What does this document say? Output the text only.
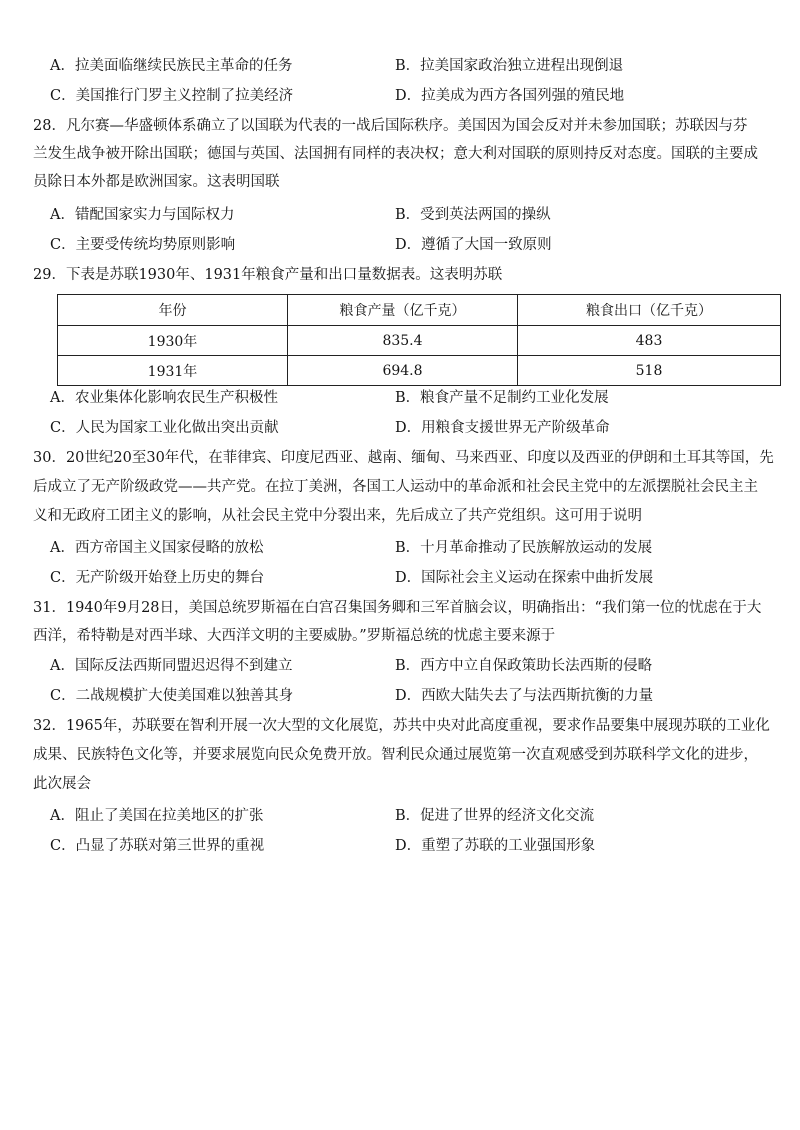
A．拉美面临继续民族民主革命的任务	B．拉美国家政治独立进程出现倒退
C．美国推行门罗主义控制了拉美经济	D．拉美成为西方各国列强的殖民地
28．凡尔赛—华盛顿体系确立了以国联为代表的一战后国际秩序。美国因为国会反对并未参加国联；苏联因与芬
兰发生战争被开除出国联；德国与英国、法国拥有同样的表决权；意大利对国联的原则持反对态度。国联的主要成
员除日本外都是欧洲国家。这表明国联
A．错配国家实力与国际权力	B．受到英法两国的操纵
C．主要受传统均势原则影响	D．遵循了大国一致原则
29．下表是苏联1930年、1931年粮食产量和出口量数据表。这表明苏联
年份	粮食产量（亿千克）	粮食出口（亿千克）
1930年	835.4	483
1931年	694.8	518
A．农业集体化影响农民生产积极性	B．粮食产量不足制约工业化发展
C．人民为国家工业化做出突出贡献	D．用粮食支援世界无产阶级革命
30．20世纪20至30年代，在菲律宾、印度尼西亚、越南、缅甸、马来西亚、印度以及西亚的伊朗和土耳其等国，先
后成立了无产阶级政党——共产党。在拉丁美洲，各国工人运动中的革命派和社会民主党中的左派摆脱社会民主主
义和无政府工团主义的影响，从社会民主党中分裂出来，先后成立了共产党组织。这可用于说明
A．西方帝国主义国家侵略的放松	B．十月革命推动了民族解放运动的发展
C．无产阶级开始登上历史的舞台	D．国际社会主义运动在探索中曲折发展
31．1940年9月28日，美国总统罗斯福在白宫召集国务卿和三军首脑会议，明确指出：“我们第一位的忧虑在于大
西洋，希特勒是对西半球、大西洋文明的主要威胁。”罗斯福总统的忧虑主要来源于
A．国际反法西斯同盟迟迟得不到建立	B．西方中立自保政策助长法西斯的侵略
C．二战规模扩大使美国难以独善其身	D．西欧大陆失去了与法西斯抗衡的力量
32．1965年，苏联要在智利开展一次大型的文化展览，苏共中央对此高度重视，要求作品要集中展现苏联的工业化
成果、民族特色文化等，并要求展览向民众免费开放。智利民众通过展览第一次直观感受到苏联科学文化的进步，
此次展会
A．阻止了美国在拉美地区的扩张	B．促进了世界的经济文化交流
C．凸显了苏联对第三世界的重视	D．重塑了苏联的工业强国形象
